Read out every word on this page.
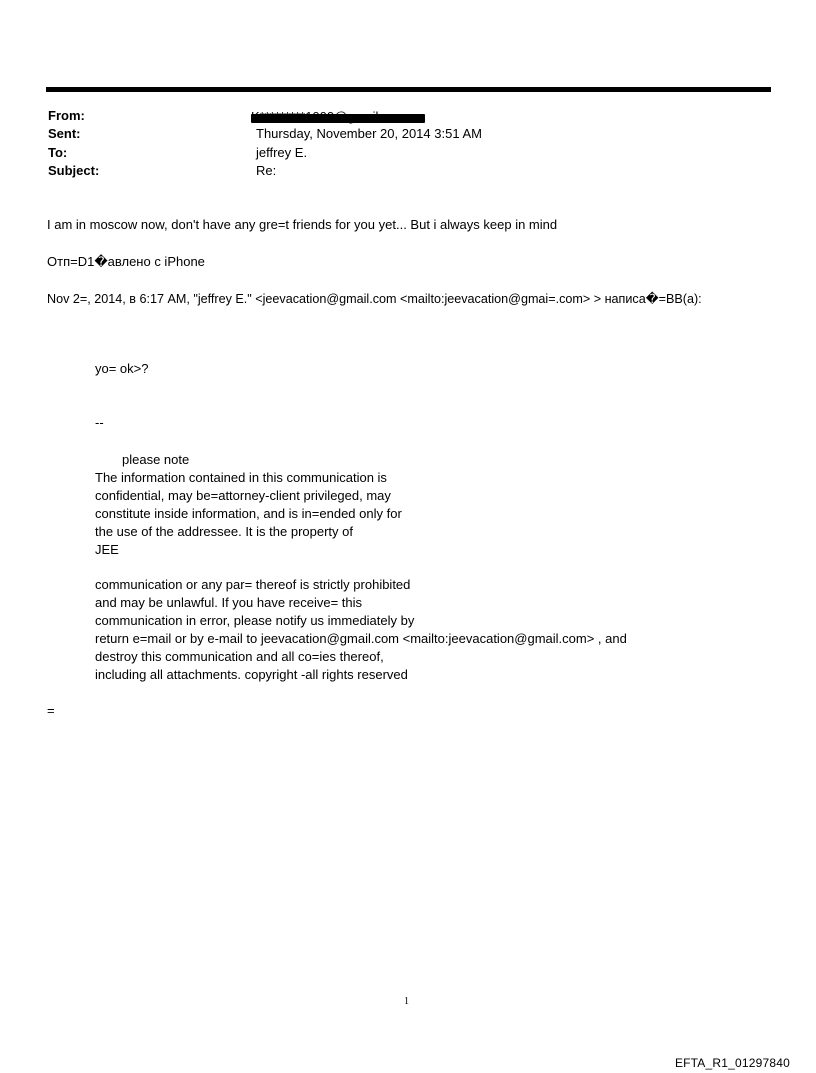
From:
Sent:	Thursday, November 20, 2014 3:51 AM
To:	jeffrey E.
Subject:	Re:
I am in moscow now, don't have any gre=t friends for you yet... But i always keep in mind
Отп=D1�авлено с iPhone
Nov 2=, 2014, в 6:17 AM, "jeffrey E." <jeevacation@gmail.com <mailto:jeevacation@gmai=.com> > написа�=BB(a):
yo= ok>?
--
please note
The information contained in this communication is
confidential, may be=attorney-client privileged, may
constitute inside information, and is in=ended only for
the use of the addressee. It is the property of
JEE
communication or any par= thereof is strictly prohibited
and may be unlawful. If you have receive= this
communication in error, please notify us immediately by
return e=mail or by e-mail to jeevacation@gmail.com <mailto:jeevacation@gmail.com> , and
destroy this communication and all co=ies thereof,
including all attachments. copyright -all rights reserved
=
1
EFTA_R1_01297840
